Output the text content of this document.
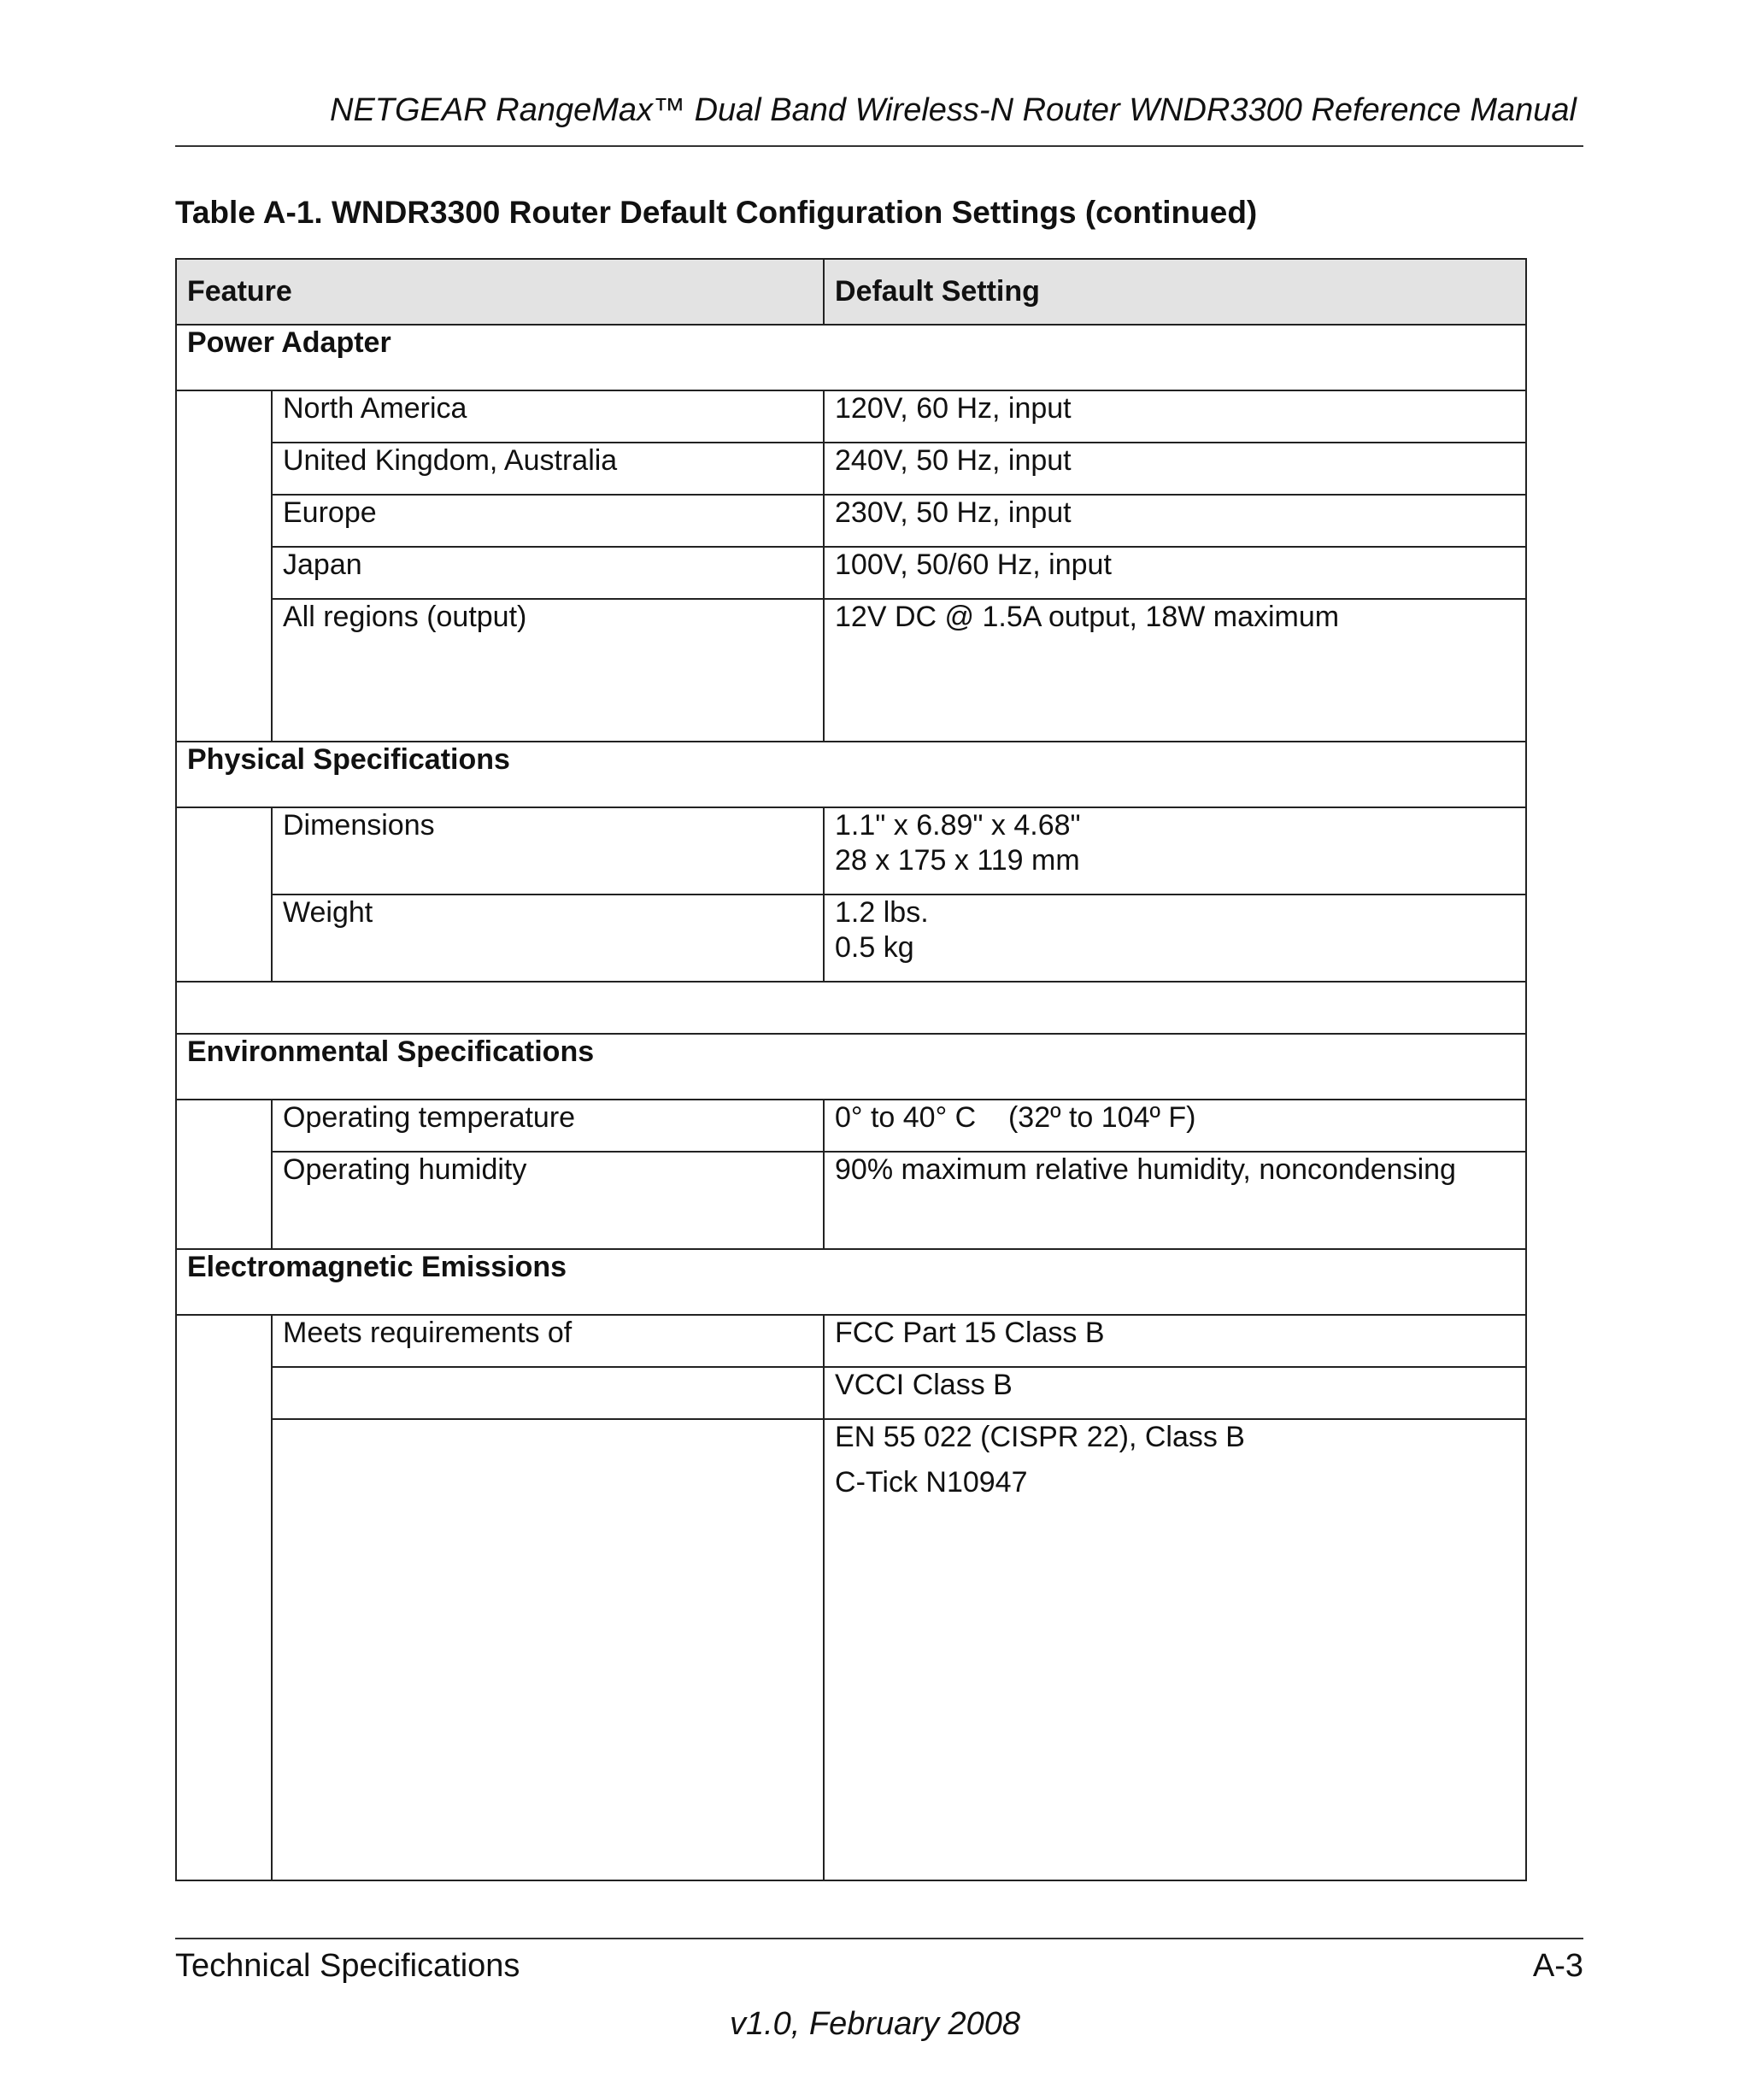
NETGEAR RangeMax™ Dual Band Wireless-N Router WNDR3300 Reference Manual
Table A-1. WNDR3300 Router Default Configuration Settings (continued)
Feature		Default Setting
Power Adapter		
	North America	120V, 60 Hz, input
	United Kingdom, Australia	240V, 50 Hz, input
	Europe	230V, 50 Hz, input
	Japan	100V, 50/60 Hz, input
	All regions (output)	12V DC @ 1.5A output, 18W maximum
Physical Specifications		
	Dimensions	1.1" x 6.89" x 4.68"
28 x 175 x 119 mm

	Weight	1.2 lbs.
0.5 kg

Environmental Specifications		
	Operating temperature	0° to 40° C    (32º to 104º F)
	Operating humidity	90% maximum relative humidity, noncondensing
Electromagnetic Emissions		
	Meets requirements of	FCC Part 15 Class B
		VCCI Class B

		EN 55 022 (CISPR 22), Class B
C-Tick N10947
Technical Specifications	A-3
v1.0, February 2008
